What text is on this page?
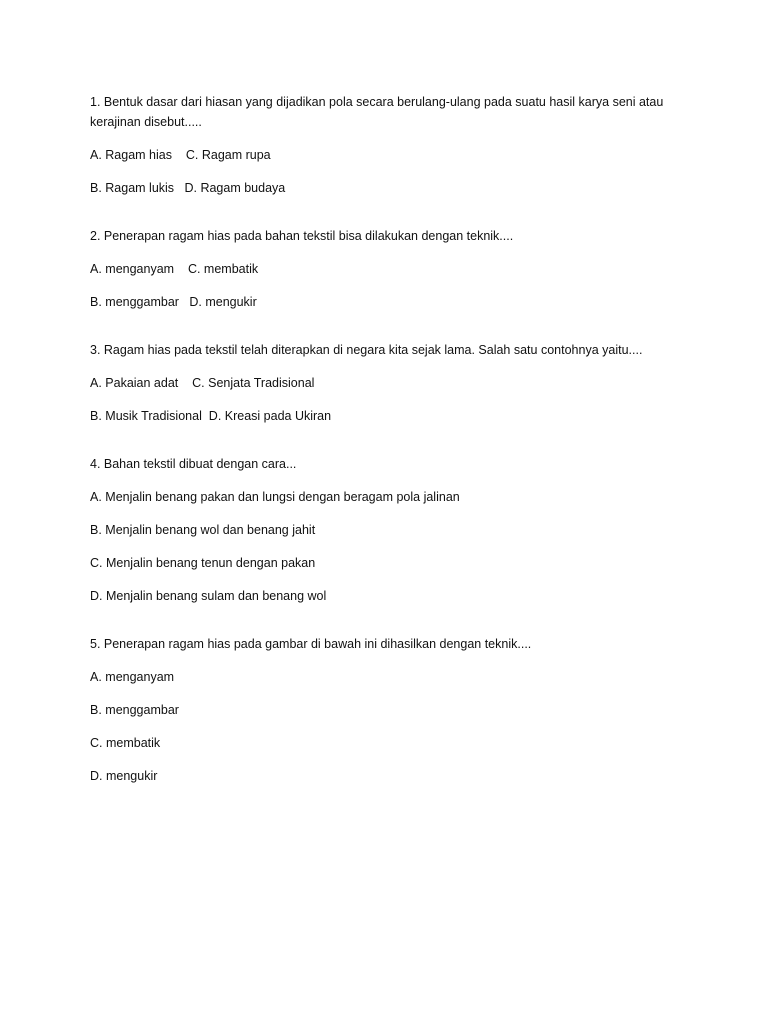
1. Bentuk dasar dari hiasan yang dijadikan pola secara berulang-ulang pada suatu hasil karya seni atau kerajinan disebut.....

A. Ragam hias    C. Ragam rupa

B. Ragam lukis   D. Ragam budaya

2. Penerapan ragam hias pada bahan tekstil bisa dilakukan dengan teknik....

A. menganyam    C. membatik

B. menggambar   D. mengukir

3. Ragam hias pada tekstil telah diterapkan di negara kita sejak lama. Salah satu contohnya yaitu....

A. Pakaian adat    C. Senjata Tradisional

B. Musik Tradisional  D. Kreasi pada Ukiran

4. Bahan tekstil dibuat dengan cara...

A. Menjalin benang pakan dan lungsi dengan beragam pola jalinan

B. Menjalin benang wol dan benang jahit

C. Menjalin benang tenun dengan pakan

D. Menjalin benang sulam dan benang wol

5. Penerapan ragam hias pada gambar di bawah ini dihasilkan dengan teknik....

A. menganyam

B. menggambar

C. membatik

D. mengukir
